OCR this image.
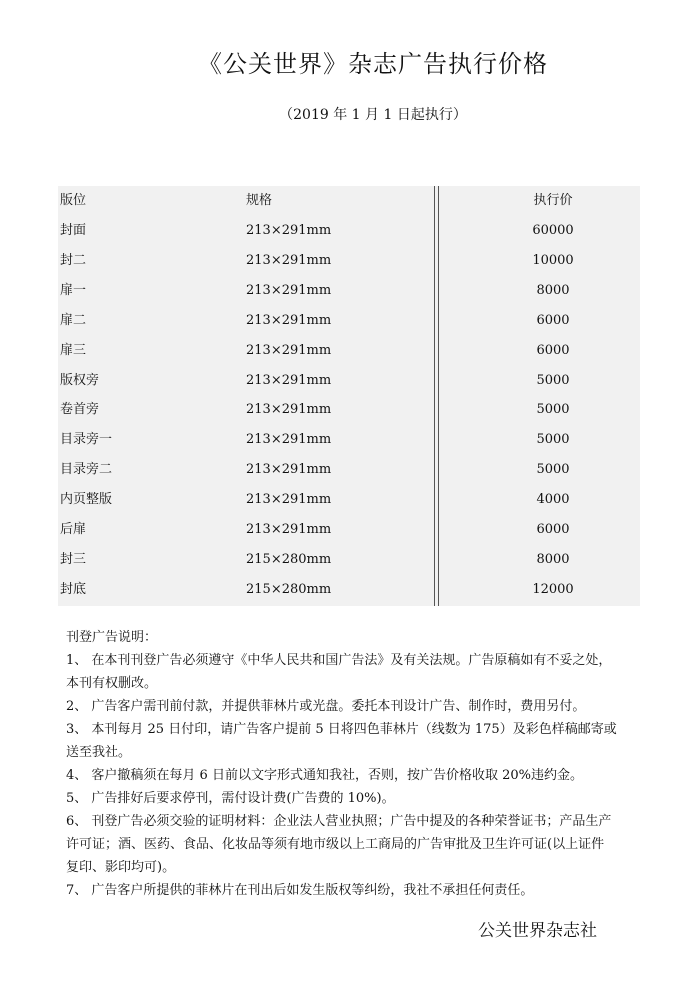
《公关世界》杂志广告执行价格
（2019 年 1 月 1 日起执行）
版位	规格	执行价
封面	213×291mm	60000
封二	213×291mm	10000
扉一	213×291mm	8000
扉二	213×291mm	6000
扉三	213×291mm	6000
版权旁	213×291mm	5000
卷首旁	213×291mm	5000
目录旁一	213×291mm	5000
目录旁二	213×291mm	5000
内页整版	213×291mm	4000
后扉	213×291mm	6000
封三	215×280mm	8000
封底	215×280mm	12000

刊登广告说明：

1、 在本刊刊登广告必须遵守《中华人民共和国广告法》及有关法规。广告原稿如有不妥之处，

本刊有权删改。

2、 广告客户需刊前付款，并提供菲林片或光盘。委托本刊设计广告、制作时，费用另付。

3、 本刊每月 25 日付印，请广告客户提前 5 日将四色菲林片（线数为 175）及彩色样稿邮寄或

送至我社。

4、 客户撤稿须在每月 6 日前以文字形式通知我社，否则，按广告价格收取 20%违约金。

5、 广告排好后要求停刊，需付设计费(广告费的 10%)。

6、 刊登广告必须交验的证明材料：企业法人营业执照；广告中提及的各种荣誉证书；产品生产

许可证；酒、医药、食品、化妆品等须有地市级以上工商局的广告审批及卫生许可证(以上证件

复印、影印均可)。

7、 广告客户所提供的菲林片在刊出后如发生版权等纠纷，我社不承担任何责任。

公关世界杂志社
